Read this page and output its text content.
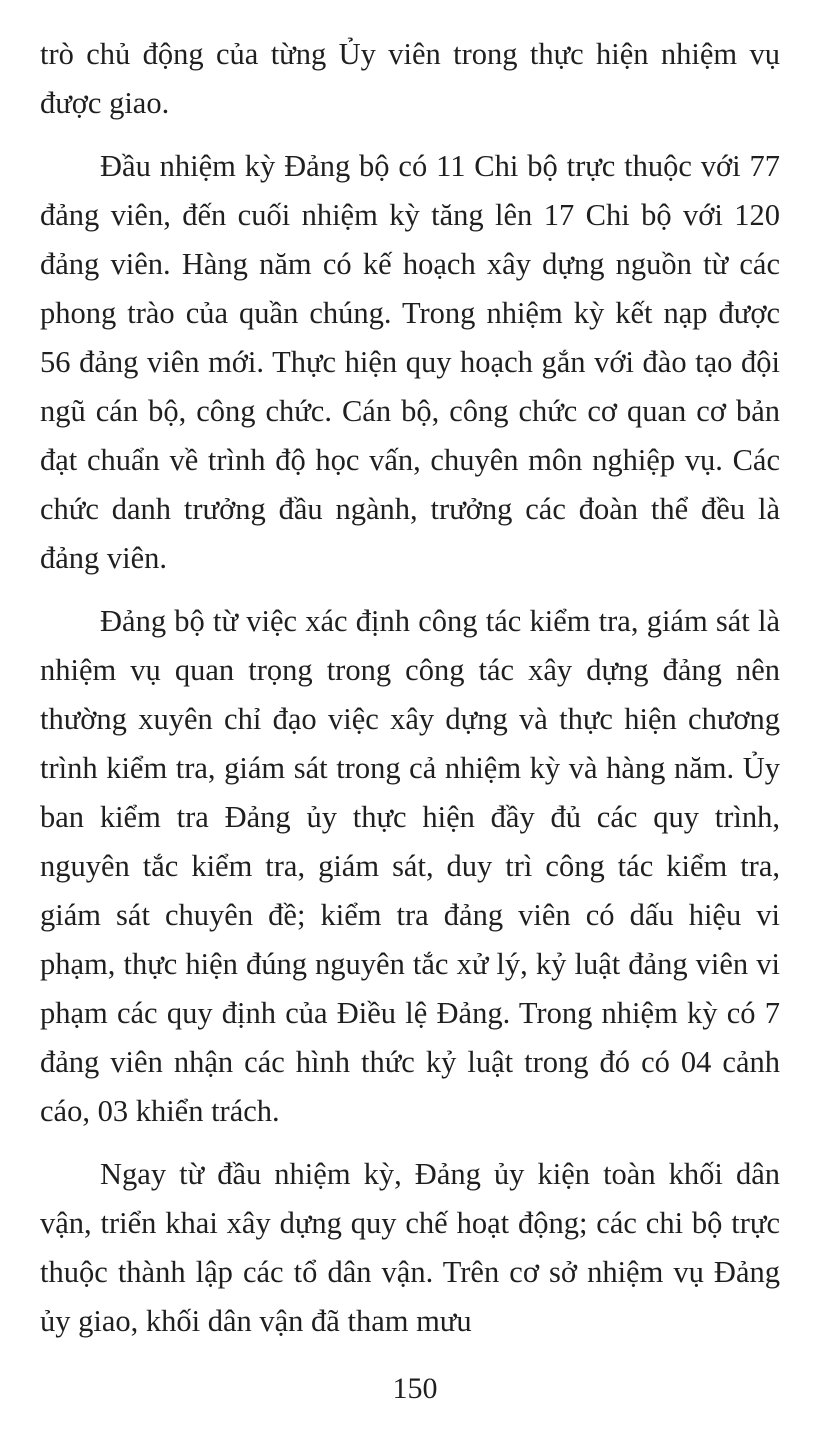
trò chủ động của từng Ủy viên trong thực hiện nhiệm vụ được giao.

Đầu nhiệm kỳ Đảng bộ có 11 Chi bộ trực thuộc với 77 đảng viên, đến cuối nhiệm kỳ tăng lên 17 Chi bộ với 120 đảng viên. Hàng năm có kế hoạch xây dựng nguồn từ các phong trào của quần chúng. Trong nhiệm kỳ kết nạp được 56 đảng viên mới. Thực hiện quy hoạch gắn với đào tạo đội ngũ cán bộ, công chức. Cán bộ, công chức cơ quan cơ bản đạt chuẩn về trình độ học vấn, chuyên môn nghiệp vụ. Các chức danh trưởng đầu ngành, trưởng các đoàn thể đều là đảng viên.

Đảng bộ từ việc xác định công tác kiểm tra, giám sát là nhiệm vụ quan trọng trong công tác xây dựng đảng nên thường xuyên chỉ đạo việc xây dựng và thực hiện chương trình kiểm tra, giám sát trong cả nhiệm kỳ và hàng năm. Ủy ban kiểm tra Đảng ủy thực hiện đầy đủ các quy trình, nguyên tắc kiểm tra, giám sát, duy trì công tác kiểm tra, giám sát chuyên đề; kiểm tra đảng viên có dấu hiệu vi phạm, thực hiện đúng nguyên tắc xử lý, kỷ luật đảng viên vi phạm các quy định của Điều lệ Đảng. Trong nhiệm kỳ có 7 đảng viên nhận các hình thức kỷ luật trong đó có 04 cảnh cáo, 03 khiển trách.

Ngay từ đầu nhiệm kỳ, Đảng ủy kiện toàn khối dân vận, triển khai xây dựng quy chế hoạt động; các chi bộ trực thuộc thành lập các tổ dân vận. Trên cơ sở nhiệm vụ Đảng ủy giao, khối dân vận đã tham mưu

150
